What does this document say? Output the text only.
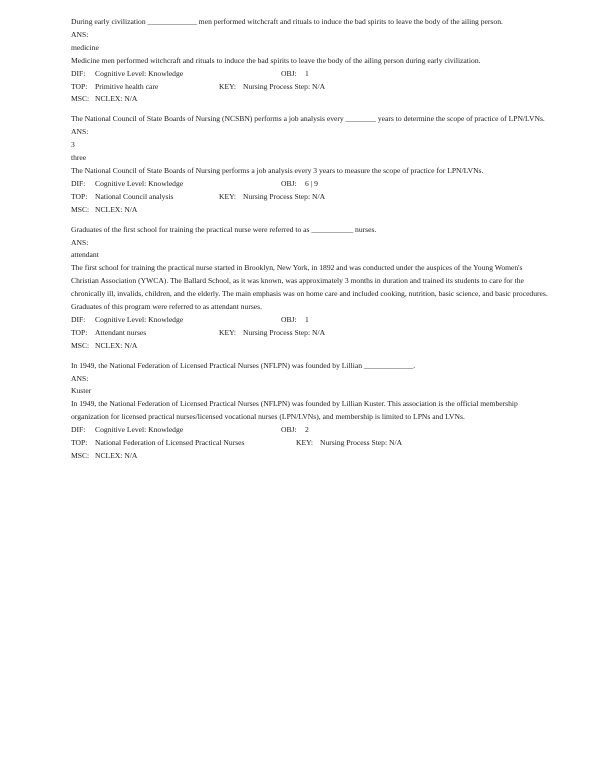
During early civilization _____________ men performed witchcraft and rituals to induce the bad spirits to leave the body of the ailing person.
ANS:
medicine
Medicine men performed witchcraft and rituals to induce the bad spirits to leave the body of the ailing person during early civilization.
DIF:	Cognitive Level: Knowledge	OBJ:	1
TOP:	Primitive health care	KEY: Nursing Process Step: N/A
MSC: NCLEX: N/A
The National Council of State Boards of Nursing (NCSBN) performs a job analysis every ________ years to determine the scope of practice of LPN/LVNs.
ANS:
3
three
The National Council of State Boards of Nursing performs a job analysis every 3 years to measure the scope of practice for LPN/LVNs.
DIF:	Cognitive Level: Knowledge	OBJ:	6 | 9
TOP:	National Council analysis	KEY: Nursing Process Step: N/A
MSC: NCLEX: N/A
Graduates of the first school for training the practical nurse were referred to as ___________ nurses.
ANS:
attendant
The first school for training the practical nurse started in Brooklyn, New York, in 1892 and was conducted under the auspices of the Young Women's Christian Association (YWCA). The Ballard School, as it was known, was approximately 3 months in duration and trained its students to care for the chronically ill, invalids, children, and the elderly. The main emphasis was on home care and included cooking, nutrition, basic science, and basic procedures. Graduates of this program were referred to as attendant nurses.
DIF:	Cognitive Level: Knowledge	OBJ:	1
TOP:	Attendant nurses	KEY: Nursing Process Step: N/A
MSC: NCLEX: N/A
In 1949, the National Federation of Licensed Practical Nurses (NFLPN) was founded by Lillian _____________.
ANS:
Kuster
In 1949, the National Federation of Licensed Practical Nurses (NFLPN) was founded by Lillian Kuster. This association is the official membership organization for licensed practical nurses/licensed vocational nurses (LPN/LVNs), and membership is limited to LPNs and LVNs.
DIF:	Cognitive Level: Knowledge	OBJ:	2
TOP:	National Federation of Licensed Practical Nurses	KEY: Nursing Process Step: N/A
MSC: NCLEX: N/A
